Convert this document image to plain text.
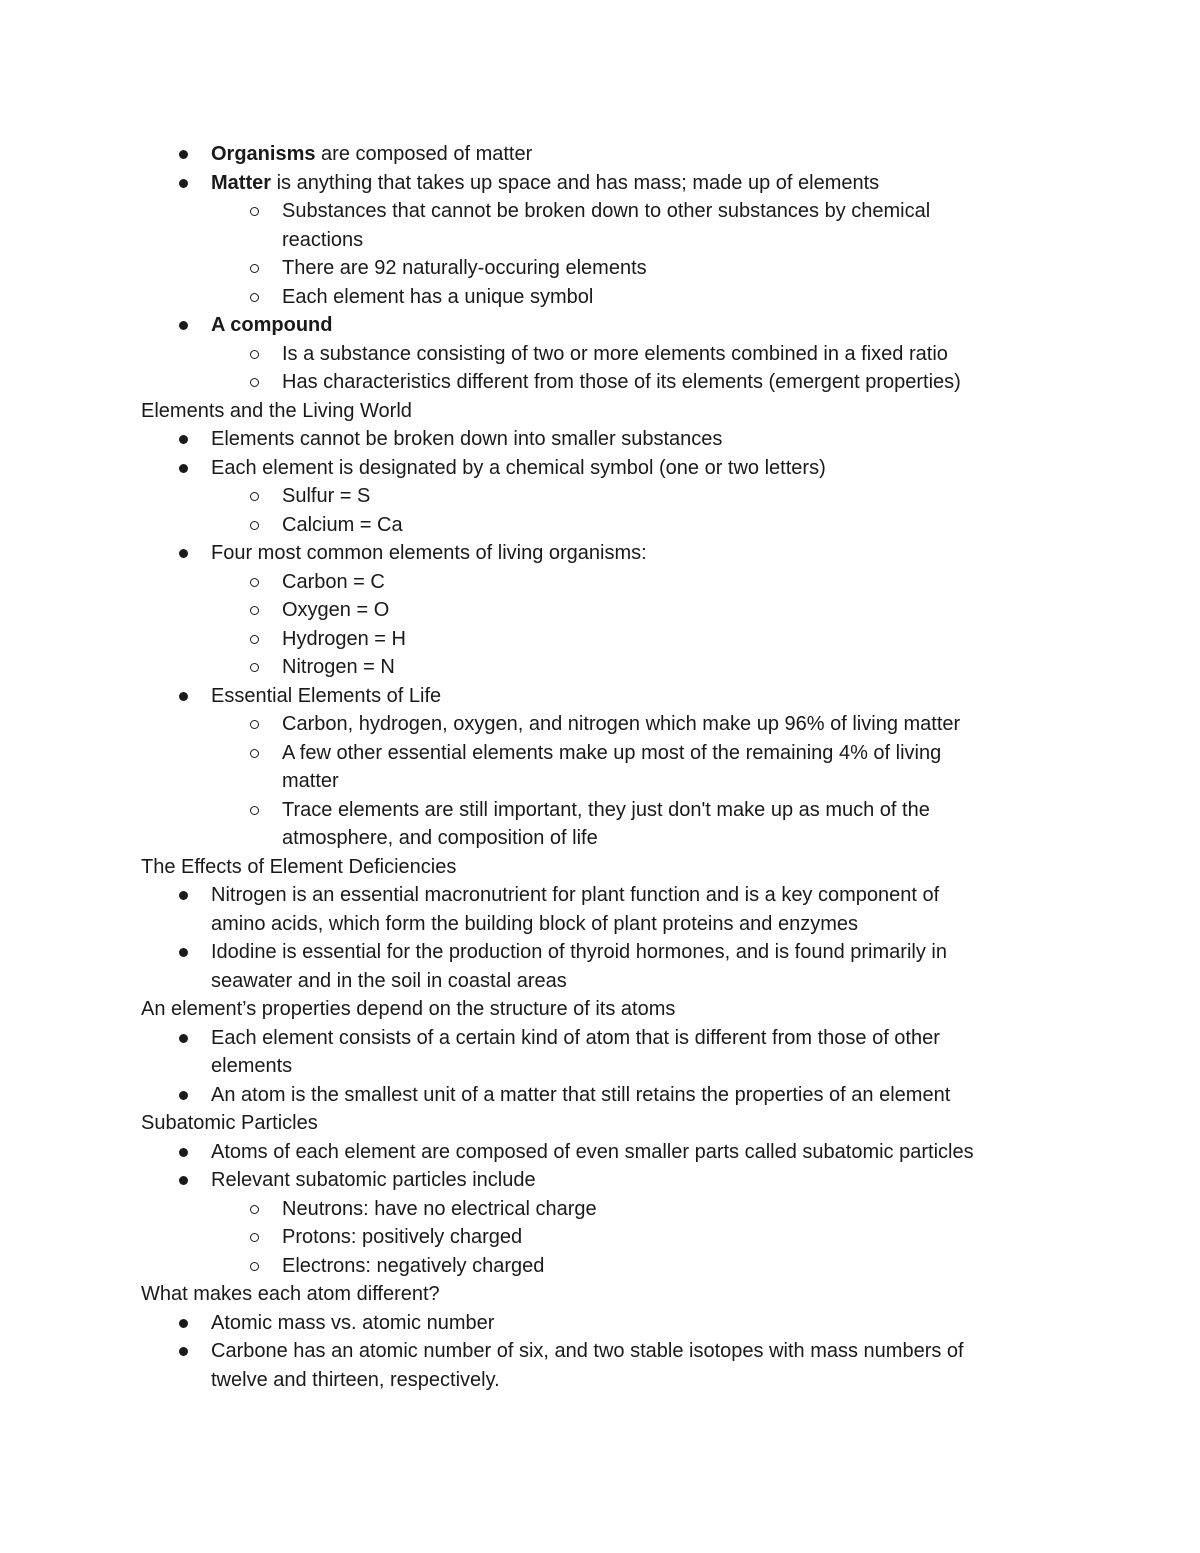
Organisms are composed of matter
Matter is anything that takes up space and has mass; made up of elements
Substances that cannot be broken down to other substances by chemical
reactions
There are 92 naturally-occuring elements
Each element has a unique symbol
A compound
Is a substance consisting of two or more elements combined in a fixed ratio
Has characteristics different from those of its elements (emergent properties)
Elements and the Living World
Elements cannot be broken down into smaller substances
Each element is designated by a chemical symbol (one or two letters)
Sulfur = S
Calcium = Ca
Four most common elements of living organisms:
Carbon = C
Oxygen = O
Hydrogen = H
Nitrogen = N
Essential Elements of Life
Carbon, hydrogen, oxygen, and nitrogen which make up 96% of living matter
A few other essential elements make up most of the remaining 4% of living
matter
Trace elements are still important, they just don't make up as much of the
atmosphere, and composition of life
The Effects of Element Deficiencies
Nitrogen is an essential macronutrient for plant function and is a key component of
amino acids, which form the building block of plant proteins and enzymes
Idodine is essential for the production of thyroid hormones, and is found primarily in
seawater and in the soil in coastal areas
An element’s properties depend on the structure of its atoms
Each element consists of a certain kind of atom that is different from those of other
elements
An atom is the smallest unit of a matter that still retains the properties of an element
Subatomic Particles
Atoms of each element are composed of even smaller parts called subatomic particles
Relevant subatomic particles include
Neutrons: have no electrical charge
Protons: positively charged
Electrons: negatively charged
What makes each atom different?
Atomic mass vs. atomic number
Carbone has an atomic number of six, and two stable isotopes with mass numbers of
twelve and thirteen, respectively.
